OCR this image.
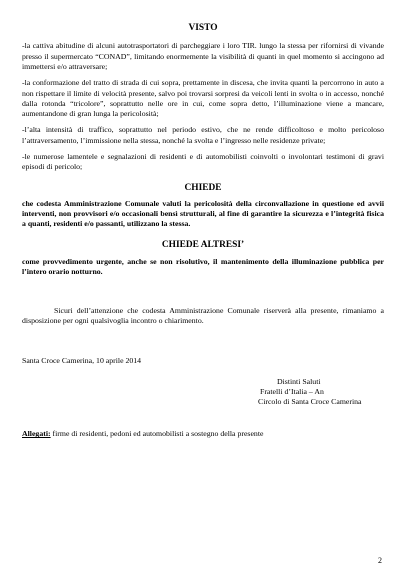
VISTO

-la cattiva abitudine di alcuni autotrasportatori di parcheggiare i loro TIR. lungo la stessa per rifornirsi di vivande presso il supermercato “CONAD”, limitando enormemente la visibilità di quanti in quel momento si accingono ad immettersi e/o attraversare;

-la conformazione del tratto di strada di cui sopra, prettamente in discesa, che invita quanti la percorrono in auto a non rispettare il limite di velocità presente, salvo poi trovarsi sorpresi da veicoli lenti in svolta o in accesso, nonché dalla rotonda “tricolore”, soprattutto nelle ore in cui, come sopra detto, l’illuminazione viene a mancare, aumentandone di gran lunga la pericolosità;

-l’alta intensità di traffico, soprattutto nel periodo estivo, che ne rende difficoltoso e molto pericoloso l’attraversamento, l’immissione nella stessa, nonché la svolta e l’ingresso nelle residenze private;

-le numerose lamentele e segnalazioni di residenti e di automobilisti coinvolti o involontari testimoni di gravi episodi di pericolo;

CHIEDE

che codesta Amministrazione Comunale valuti la pericolosità della circonvallazione in questione ed avvii interventi, non provvisori e/o occasionali bensì strutturali, al fine di garantire la sicurezza e l’integrità fisica a quanti, residenti e/o passanti, utilizzano la stessa.

CHIEDE ALTRESI’

come provvedimento urgente, anche se non risolutivo, il mantenimento della illuminazione pubblica per l’intero orario notturno.

Sicuri dell’attenzione che codesta Amministrazione Comunale riserverà alla presente, rimaniamo a disposizione per ogni qualsivoglia incontro o chiarimento.

Santa Croce Camerina, 10 aprile 2014
Distinti Saluti
Fratelli d’Italia – An
Circolo di Santa Croce Camerina
Allegati: firme di residenti, pedoni ed automobilisti a sostegno della presente
2
